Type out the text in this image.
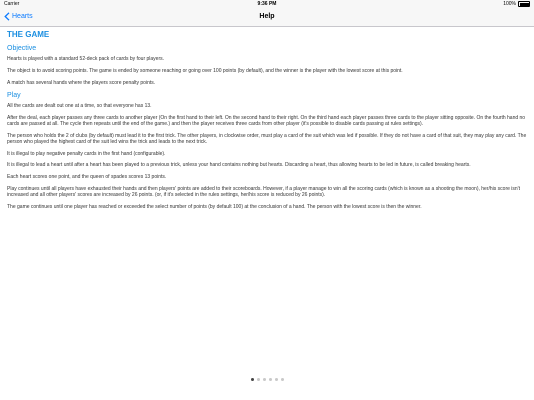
Carrier	9:36 PM	100%
Hearts	Help
THE GAME
Objective

Hearts is played with a standard 52-deck pack of cards by four players.

The object is to avoid scoring points. The game is ended by someone reaching or going over 100 points (by default), and the winner is the player with the lowest score at this point.

A match has several hands where the players score penalty points.

Play

All the cards are dealt out one at a time, so that everyone has 13.

After the deal, each player passes any three cards to another player (On the first hand to their left. On the second hand to their right. On the third hand each player passes three cards to the player sitting opposite. On the fourth hand no cards are passed at all. The cycle then repeats until the end of the game.) and then the player receives three cards from other player (it's possible to disable cards passing at rules settings).

The person who holds the 2 of clubs (by default) must lead it to the first trick. The other players, in clockwise order, must play a card of the suit which was led if possible. If they do not have a card of that suit, they may play any card. The person who played the highest card of the suit led wins the trick and leads to the next trick.

It is illegal to play negative penalty cards in the first hand (configurable).

It is illegal to lead a heart until after a heart has been played to a previous trick, unless your hand contains nothing but hearts. Discarding a heart, thus allowing hearts to be led in future, is called breaking hearts.

Each heart scores one point, and the queen of spades scores 13 points.

Play continues until all players have exhausted their hands and then players' points are added to their scoreboards. However, if a player manage to win all the scoring cards (which is known as a shooting the moon), her/his score isn't increased and all other players' scores are increased by 26 points. (or, if it's selected in the rules settings, her/his score is reduced by 26 points).

The game continues until one player has reached or exceeded the select number of points (by default 100) at the conclusion of a hand. The person with the lowest score is then the winner.
